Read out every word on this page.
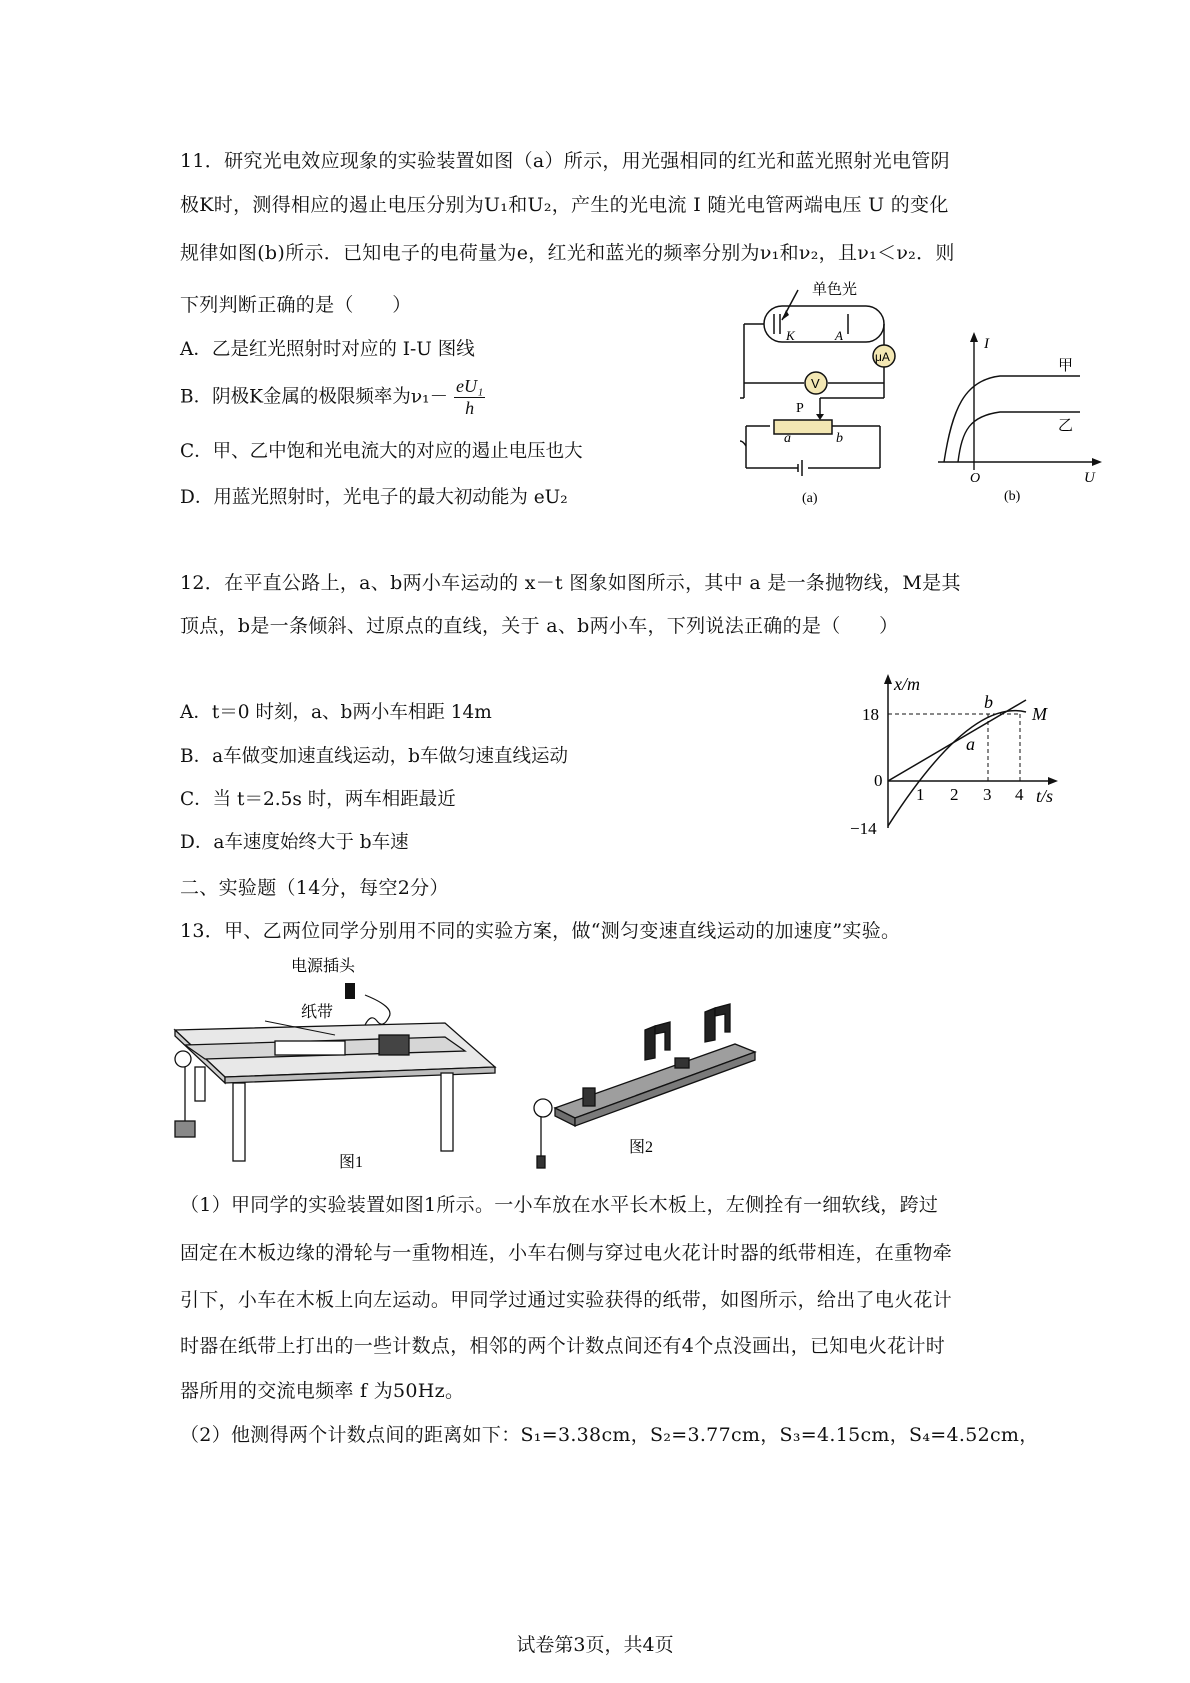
11．研究光电效应现象的实验装置如图（a）所示，用光强相同的红光和蓝光照射光电管阴
极K时，测得相应的遏止电压分别为U₁和U₂，产生的光电流 I 随光电管两端电压 U 的变化
规律如图(b)所示．已知电子的电荷量为e，红光和蓝光的频率分别为ν₁和ν₂，且ν₁＜ν₂．则
下列判断正确的是（　　）
A．乙是红光照射时对应的 I-U 图线
B．阴极K金属的极限频率为$\nu_1- \frac{\text{eU₁}}{h}$
C．甲、乙中饱和光电流大的对应的遏止电压也大
D．用蓝光照射时，光电子的最大初动能为 eU₂
单色光
K	A
μA
V
P
a	b
(a)
I
U
O
甲
乙
(b)
12．在平直公路上，a、b两小车运动的 x－t 图象如图所示，其中 a 是一条抛物线，M是其
顶点，b是一条倾斜、过原点的直线，关于 a、b两小车，下列说法正确的是（　　）
A．t＝0 时刻，a、b两小车相距 14m
B．a车做变加速直线运动，b车做匀速直线运动
C．当 t＝2.5s 时，两车相距最近
D．a车速度始终大于 b车速
x/m
t/s
18
0
−14
1 2 3 4
a
b
M
二、实验题（14分，每空2分）
13．甲、乙两位同学分别用不同的实验方案，做“测匀变速直线运动的加速度”实验。
电源插头
纸带
图1
图2
（1）甲同学的实验装置如图1所示。一小车放在水平长木板上，左侧拴有一细软线，跨过
固定在木板边缘的滑轮与一重物相连，小车右侧与穿过电火花计时器的纸带相连，在重物牵
引下，小车在木板上向左运动。甲同学过通过实验获得的纸带，如图所示，给出了电火花计
时器在纸带上打出的一些计数点，相邻的两个计数点间还有4个点没画出，已知电火花计时
器所用的交流电频率 f 为50Hz。
（2）他测得两个计数点间的距离如下：S₁=3.38cm，S₂=3.77cm，S₃=4.15cm，S₄=4.52cm，
试卷第3页，共4页
